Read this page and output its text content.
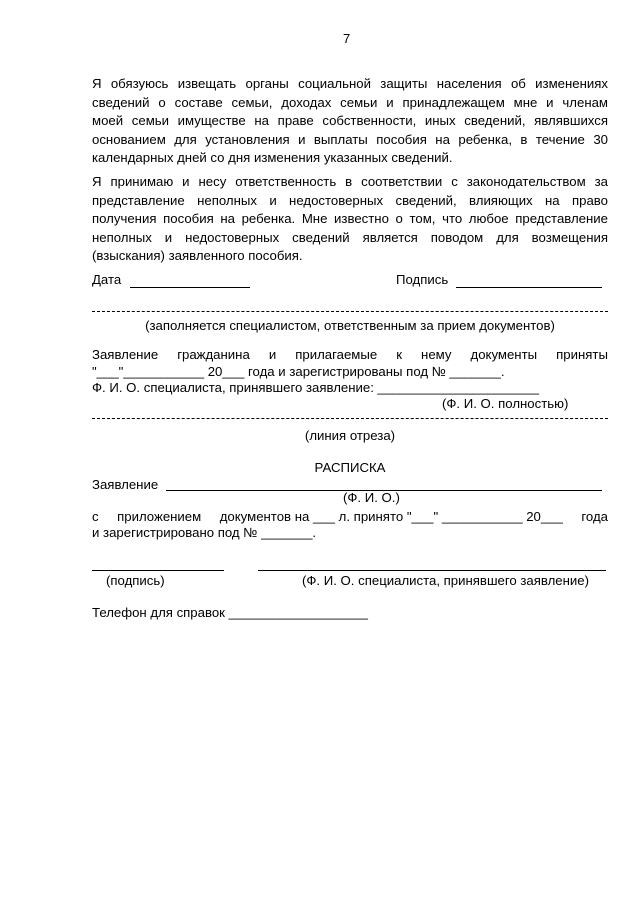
7
Я обязуюсь извещать органы социальной защиты населения об изменениях
сведений о составе семьи, доходах семьи и принадлежащем мне и членам
моей семьи имуществе на праве собственности, иных сведений, являвшихся
основанием для установления и выплаты пособия на ребенка, в течение 30
календарных дней со дня изменения указанных сведений.
Я принимаю и несу ответственность в соответствии с законодательством за
представление неполных и недостоверных сведений, влияющих на право
получения пособия на ребенка. Мне известно о том, что любое представление
неполных и недостоверных сведений является поводом для возмещения
(взыскания) заявленного пособия.
Дата	Подпись
(заполняется специалистом, ответственным за прием документов)
Заявление гражданина и прилагаемые к нему документы приняты
"___"___________ 20___ года и зарегистрированы под № _______.
Ф. И. О. специалиста, принявшего заявление: ______________________
(Ф. И. О. полностью)
(линия отреза)
РАСПИСКА
Заявление
(Ф. И. О.)
с приложением документов на ___ л. принято "___" ___________ 20___ года
и зарегистрировано под № _______.
(подпись)	(Ф. И. О. специалиста, принявшего заявление)
Телефон для справок ___________________
